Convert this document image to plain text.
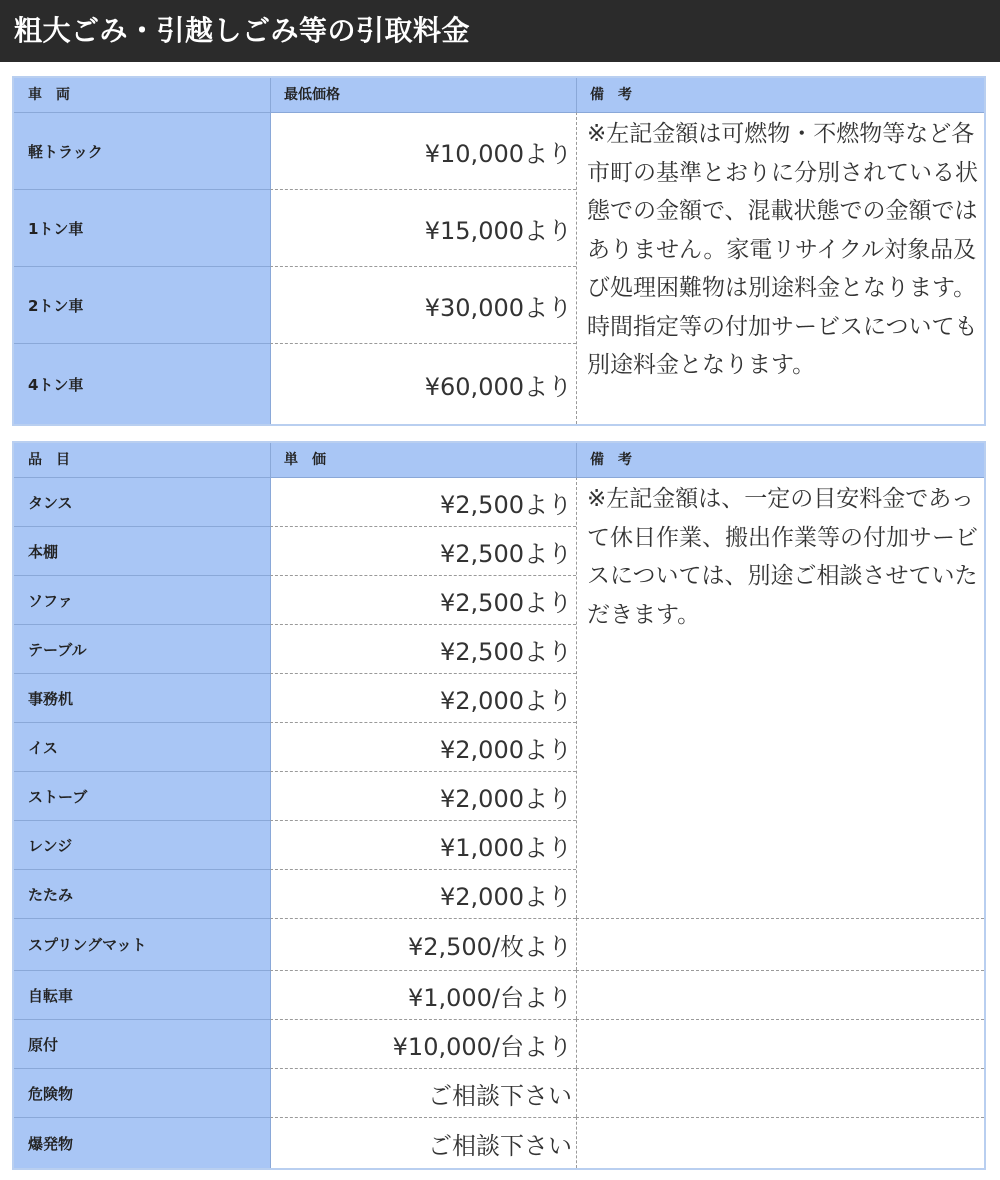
粗大ごみ・引越しごみ等の引取料金
車　両	最低価格	備　考
軽トラック	¥10,000より
1トン車	¥15,000より
2トン車	¥30,000より
4トン車	¥60,000より
※左記金額は可燃物・不燃物等など各市町の基準とおりに分別されている状態での金額で、混載状態での金額ではありません。家電リサイクル対象品及び処理困難物は別途料金となります。 時間指定等の付加サービスについても別途料金となります。
品　目	単　価	備　考
タンス	¥2,500より
本棚	¥2,500より
ソファ	¥2,500より
テーブル	¥2,500より
事務机	¥2,000より
イス	¥2,000より
ストーブ	¥2,000より
レンジ	¥1,000より
たたみ	¥2,000より
※左記金額は、一定の目安料金であって休日作業、搬出作業等の付加サービスについては、別途ご相談させていただきます。
スプリングマット	¥2,500/枚より
自転車	¥1,000/台より
原付	¥10,000/台より
危険物	ご相談下さい
爆発物	ご相談下さい
